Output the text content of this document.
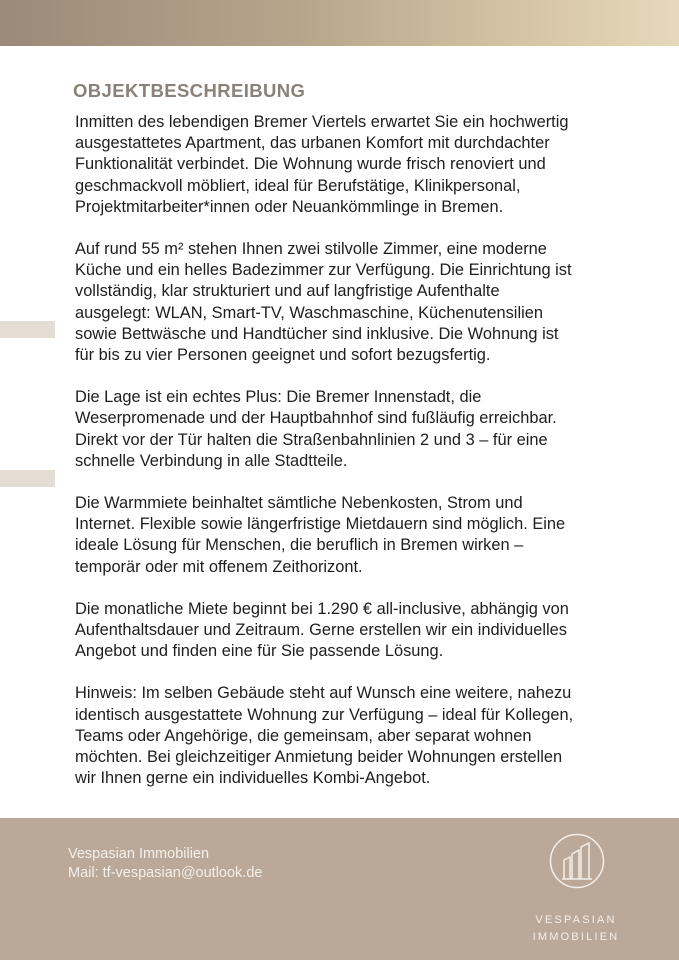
OBJEKTBESCHREIBUNG

Inmitten des lebendigen Bremer Viertels erwartet Sie ein hochwertig
ausgestattetes Apartment, das urbanen Komfort mit durchdachter
Funktionalität verbindet. Die Wohnung wurde frisch renoviert und
geschmackvoll möbliert, ideal für Berufstätige, Klinikpersonal,
Projektmitarbeiter*innen oder Neuankömmlinge in Bremen.

Auf rund 55 m² stehen Ihnen zwei stilvolle Zimmer, eine moderne
Küche und ein helles Badezimmer zur Verfügung. Die Einrichtung ist
vollständig, klar strukturiert und auf langfristige Aufenthalte
ausgelegt: WLAN, Smart-TV, Waschmaschine, Küchenutensilien
sowie Bettwäsche und Handtücher sind inklusive. Die Wohnung ist
für bis zu vier Personen geeignet und sofort bezugsfertig.

Die Lage ist ein echtes Plus: Die Bremer Innenstadt, die
Weserpromenade und der Hauptbahnhof sind fußläufig erreichbar.
Direkt vor der Tür halten die Straßenbahnlinien 2 und 3 – für eine
schnelle Verbindung in alle Stadtteile.

Die Warmmiete beinhaltet sämtliche Nebenkosten, Strom und
Internet. Flexible sowie längerfristige Mietdauern sind möglich. Eine
ideale Lösung für Menschen, die beruflich in Bremen wirken –
temporär oder mit offenem Zeithorizont.

Die monatliche Miete beginnt bei 1.290 € all-inclusive, abhängig von
Aufenthaltsdauer und Zeitraum. Gerne erstellen wir ein individuelles
Angebot und finden eine für Sie passende Lösung.

Hinweis: Im selben Gebäude steht auf Wunsch eine weitere, nahezu
identisch ausgestattete Wohnung zur Verfügung – ideal für Kollegen,
Teams oder Angehörige, die gemeinsam, aber separat wohnen
möchten. Bei gleichzeitiger Anmietung beider Wohnungen erstellen
wir Ihnen gerne ein individuelles Kombi-Angebot.

Vespasian Immobilien
Mail: tf-vespasian@outlook.de
VESPASIAN
IMMOBILIEN
